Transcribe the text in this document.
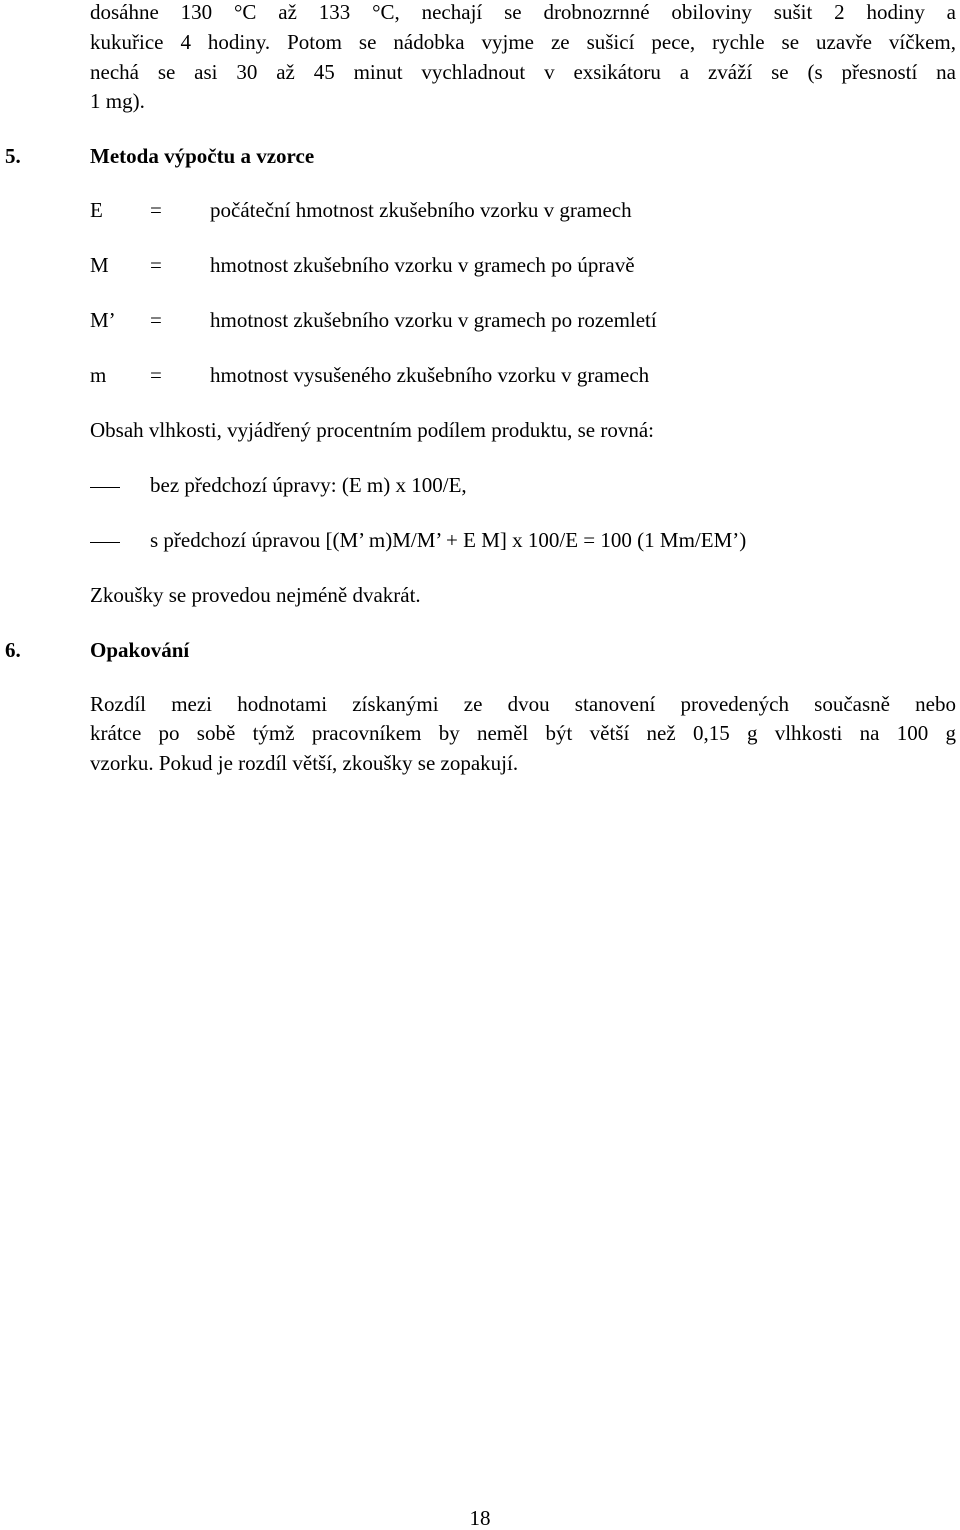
dosáhne 130 °C až 133 °C, nechají se drobnozrnné obiloviny sušit 2 hodiny a
kukuřice 4 hodiny. Potom se nádobka vyjme ze sušicí pece, rychle se uzavře víčkem,
nechá se asi 30 až 45 minut vychladnout v exsikátoru a zváží se (s přesností na
1 mg).
5.	Metoda výpočtu a vzorce
E = počáteční hmotnost zkušebního vzorku v gramech
M = hmotnost zkušebního vzorku v gramech po úpravě
M’ = hmotnost zkušebního vzorku v gramech po rozemletí
m = hmotnost vysušeného zkušebního vzorku v gramech
Obsah vlhkosti, vyjádřený procentním podílem produktu, se rovná:
bez předchozí úpravy: (E m) x 100/E,
s předchozí úpravou [(M’ m)M/M’ + E M] x 100/E = 100 (1 Mm/EM’)
Zkoušky se provedou nejméně dvakrát.
6.	Opakování
Rozdíl mezi hodnotami získanými ze dvou stanovení provedených současně nebo
krátce po sobě týmž pracovníkem by neměl být větší než 0,15 g vlhkosti na 100 g
vzorku. Pokud je rozdíl větší, zkoušky se zopakují.
18
